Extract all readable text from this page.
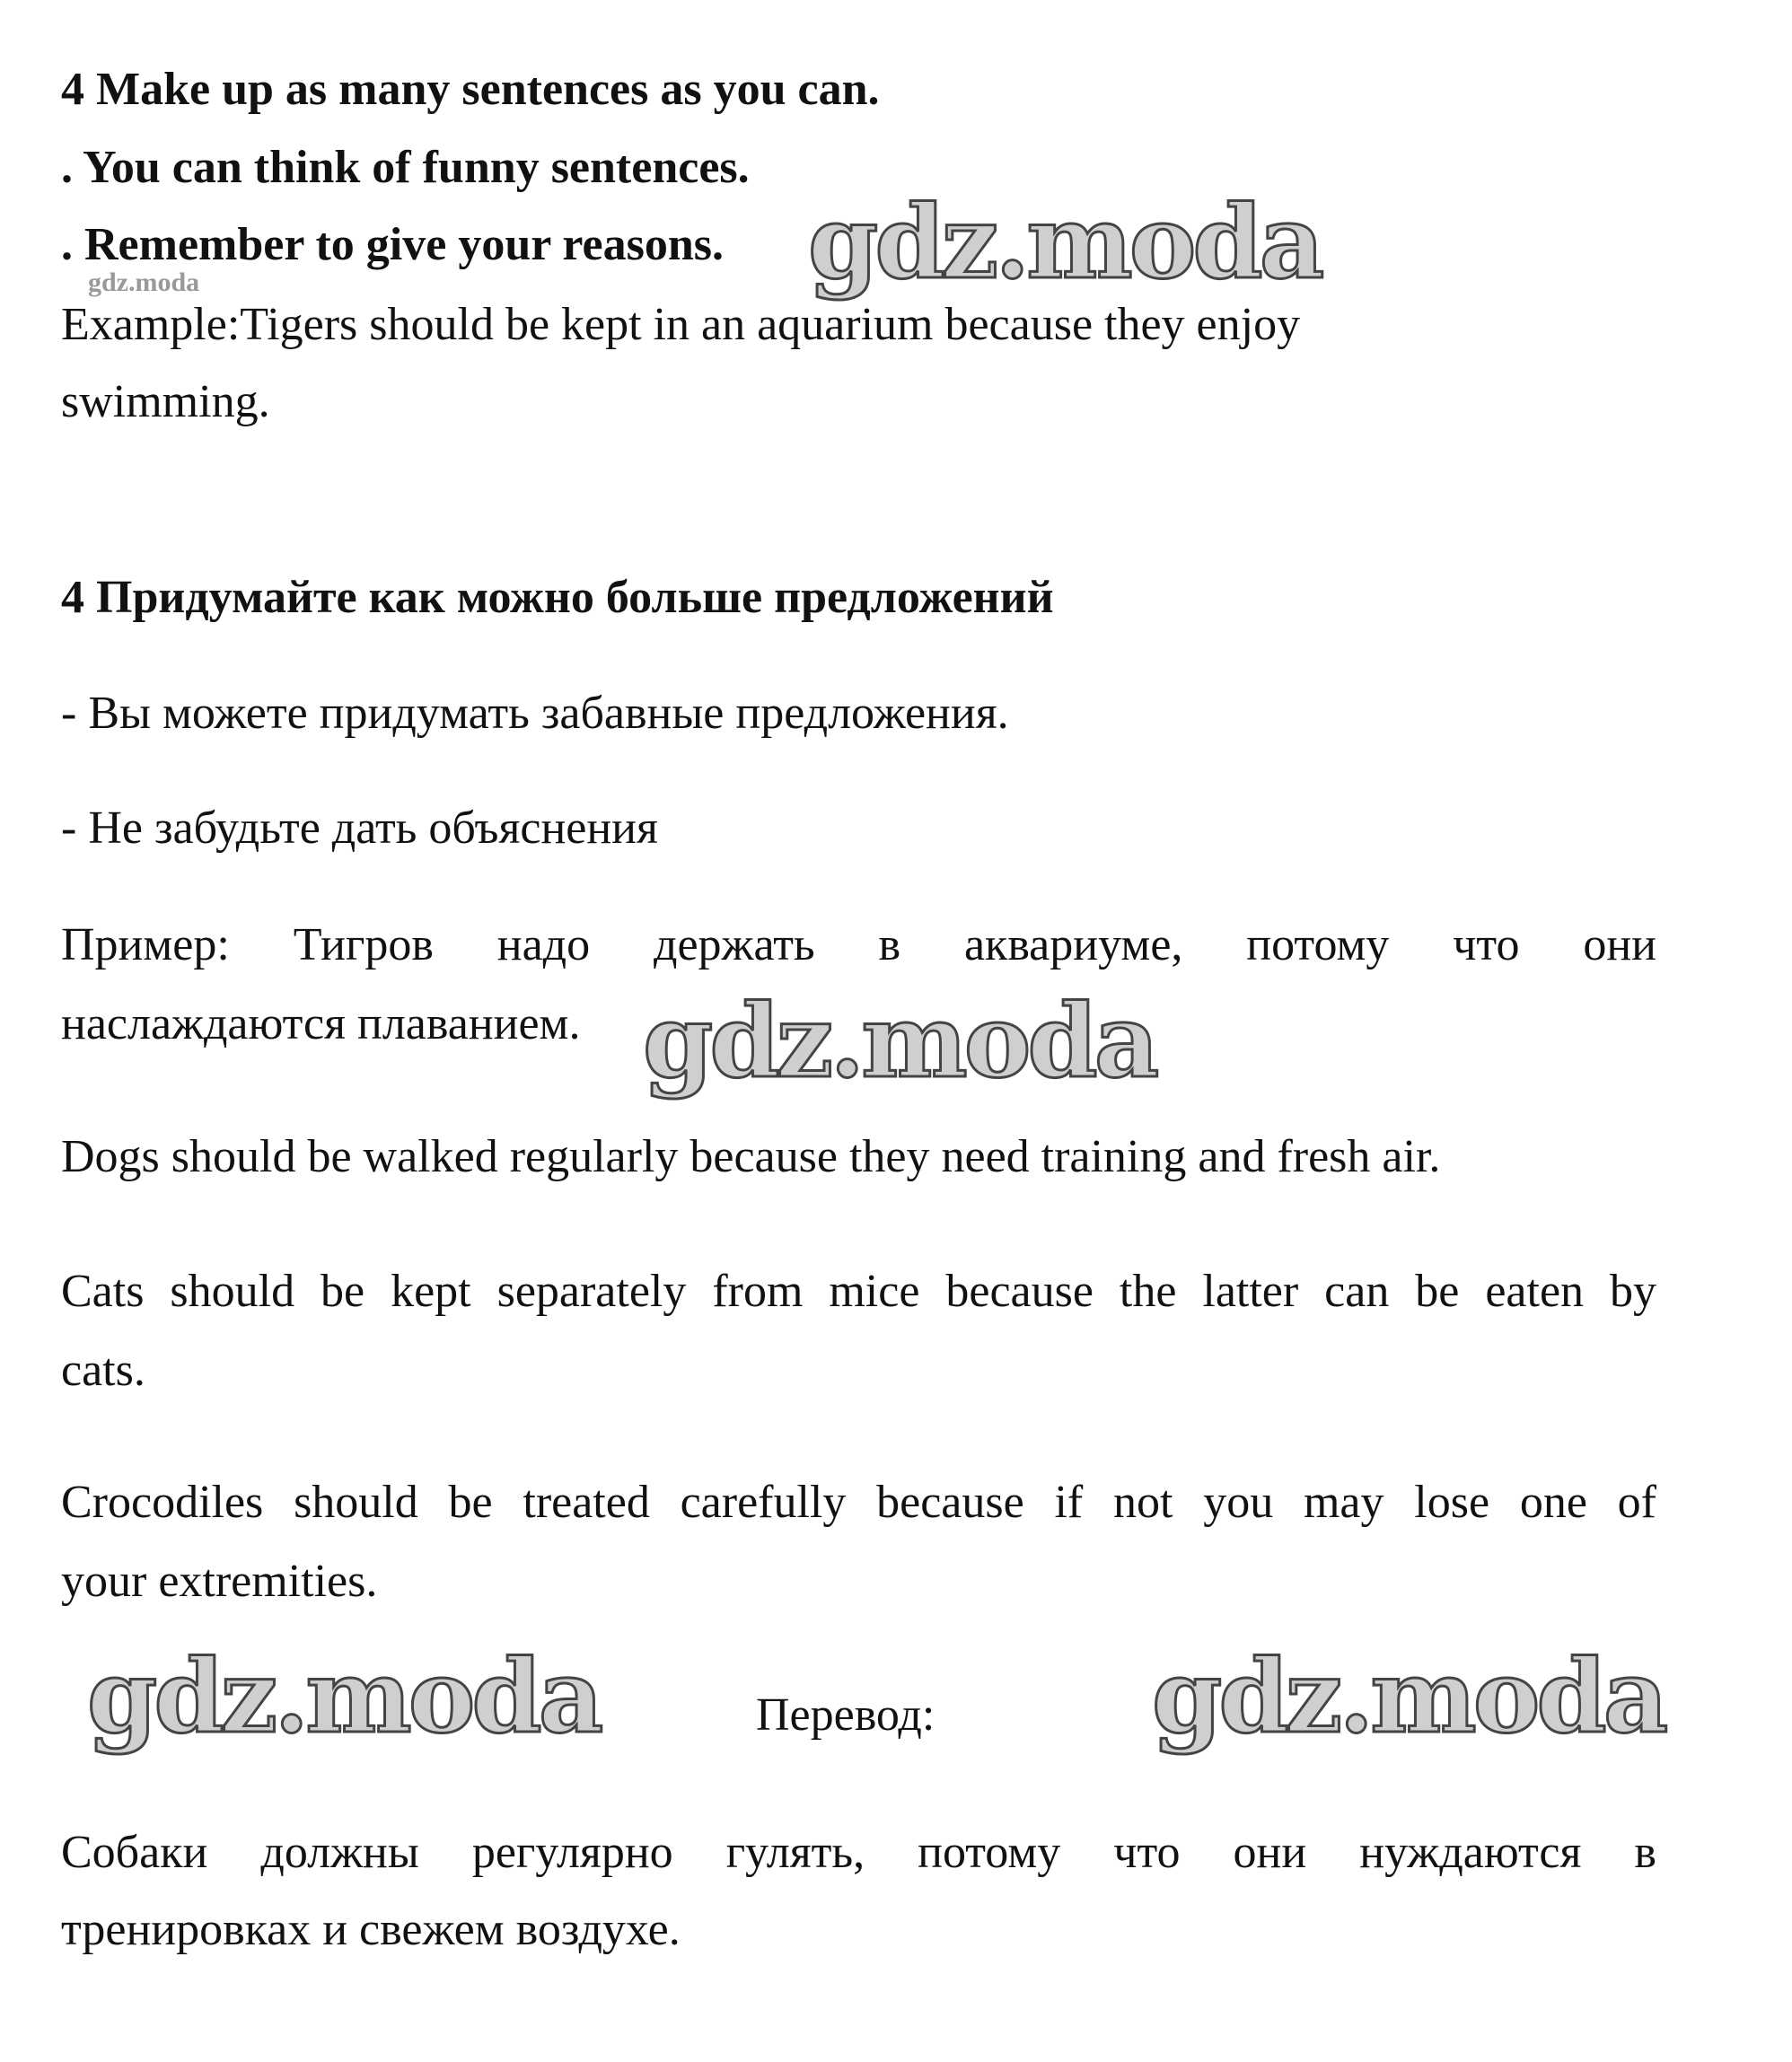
4 Make up as many sentences as you can.
. You can think of funny sentences.
. Remember to give your reasons.
gdz.moda
Example:Tigers should be kept in an aquarium because they enjoy
swimming.
4 Придумайте как можно больше предложений
- Вы можете придумать забавные предложения.
- Не забудьте дать объяснения
Пример: Тигров надо держать в аквариуме, потому что они
наслаждаются плаванием.
Dogs should be walked regularly because they need training and fresh air.
Cats should be kept separately from mice because the latter can be eaten by
cats.
Crocodiles should be treated carefully because if not you may lose one of
your extremities.
Перевод:
Собаки должны регулярно гулять, потому что они нуждаются в
тренировках и свежем воздухе.
gdz.moda
gdz.moda
gdz.moda	gdz.moda
